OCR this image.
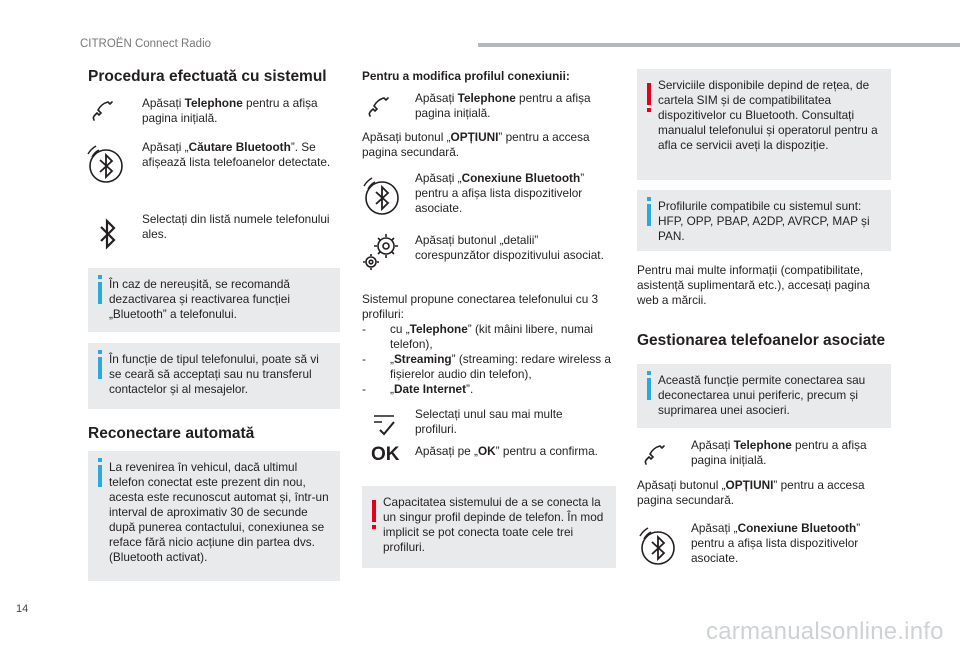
CITROËN Connect Radio
Procedura efectuată cu sistemul
Apăsați Telephone pentru a afișa pagina inițială.
Apăsați „Căutare Bluetooth”. Se afișează lista telefoanelor detectate.
Selectați din listă numele telefonului ales.
În caz de nereușită, se recomandă dezactivarea și reactivarea funcției „Bluetooth” a telefonului.
În funcție de tipul telefonului, poate să vi se ceară să acceptați sau nu transferul contactelor și al mesajelor.
Reconectare automată
La revenirea în vehicul, dacă ultimul telefon conectat este prezent din nou, acesta este recunoscut automat și, într-un interval de aproximativ 30 de secunde după punerea contactului, conexiunea se reface fără nicio acțiune din partea dvs. (Bluetooth activat).
Pentru a modifica profilul conexiunii:
Apăsați Telephone pentru a afișa pagina inițială.
Apăsați butonul „OPȚIUNI” pentru a accesa pagina secundară.
Apăsați „Conexiune Bluetooth” pentru a afișa lista dispozitivelor asociate.
Apăsați butonul „detalii” corespunzător dispozitivului asociat.
Sistemul propune conectarea telefonului cu 3 profiluri:
- cu „Telephone” (kit mâini libere, numai telefon),
- „Streaming” (streaming: redare wireless a fișierelor audio din telefon),
- „Date Internet”.
Selectați unul sau mai multe profiluri.
OK Apăsați pe „OK” pentru a confirma.
Capacitatea sistemului de a se conecta la un singur profil depinde de telefon. În mod implicit se pot conecta toate cele trei profiluri.
Serviciile disponibile depind de rețea, de cartela SIM și de compatibilitatea dispozitivelor cu Bluetooth. Consultați manualul telefonului și operatorul pentru a afla ce servicii aveți la dispoziție.
Profilurile compatibile cu sistemul sunt: HFP, OPP, PBAP, A2DP, AVRCP, MAP și PAN.
Pentru mai multe informații (compatibilitate, asistență suplimentară etc.), accesați pagina web a mărcii.
Gestionarea telefoanelor asociate
Această funcție permite conectarea sau deconectarea unui periferic, precum și suprimarea unei asocieri.
Apăsați Telephone pentru a afișa pagina inițială.
Apăsați butonul „OPȚIUNI” pentru a accesa pagina secundară.
Apăsați „Conexiune Bluetooth” pentru a afișa lista dispozitivelor asociate.
14
carmanualsonline.info
